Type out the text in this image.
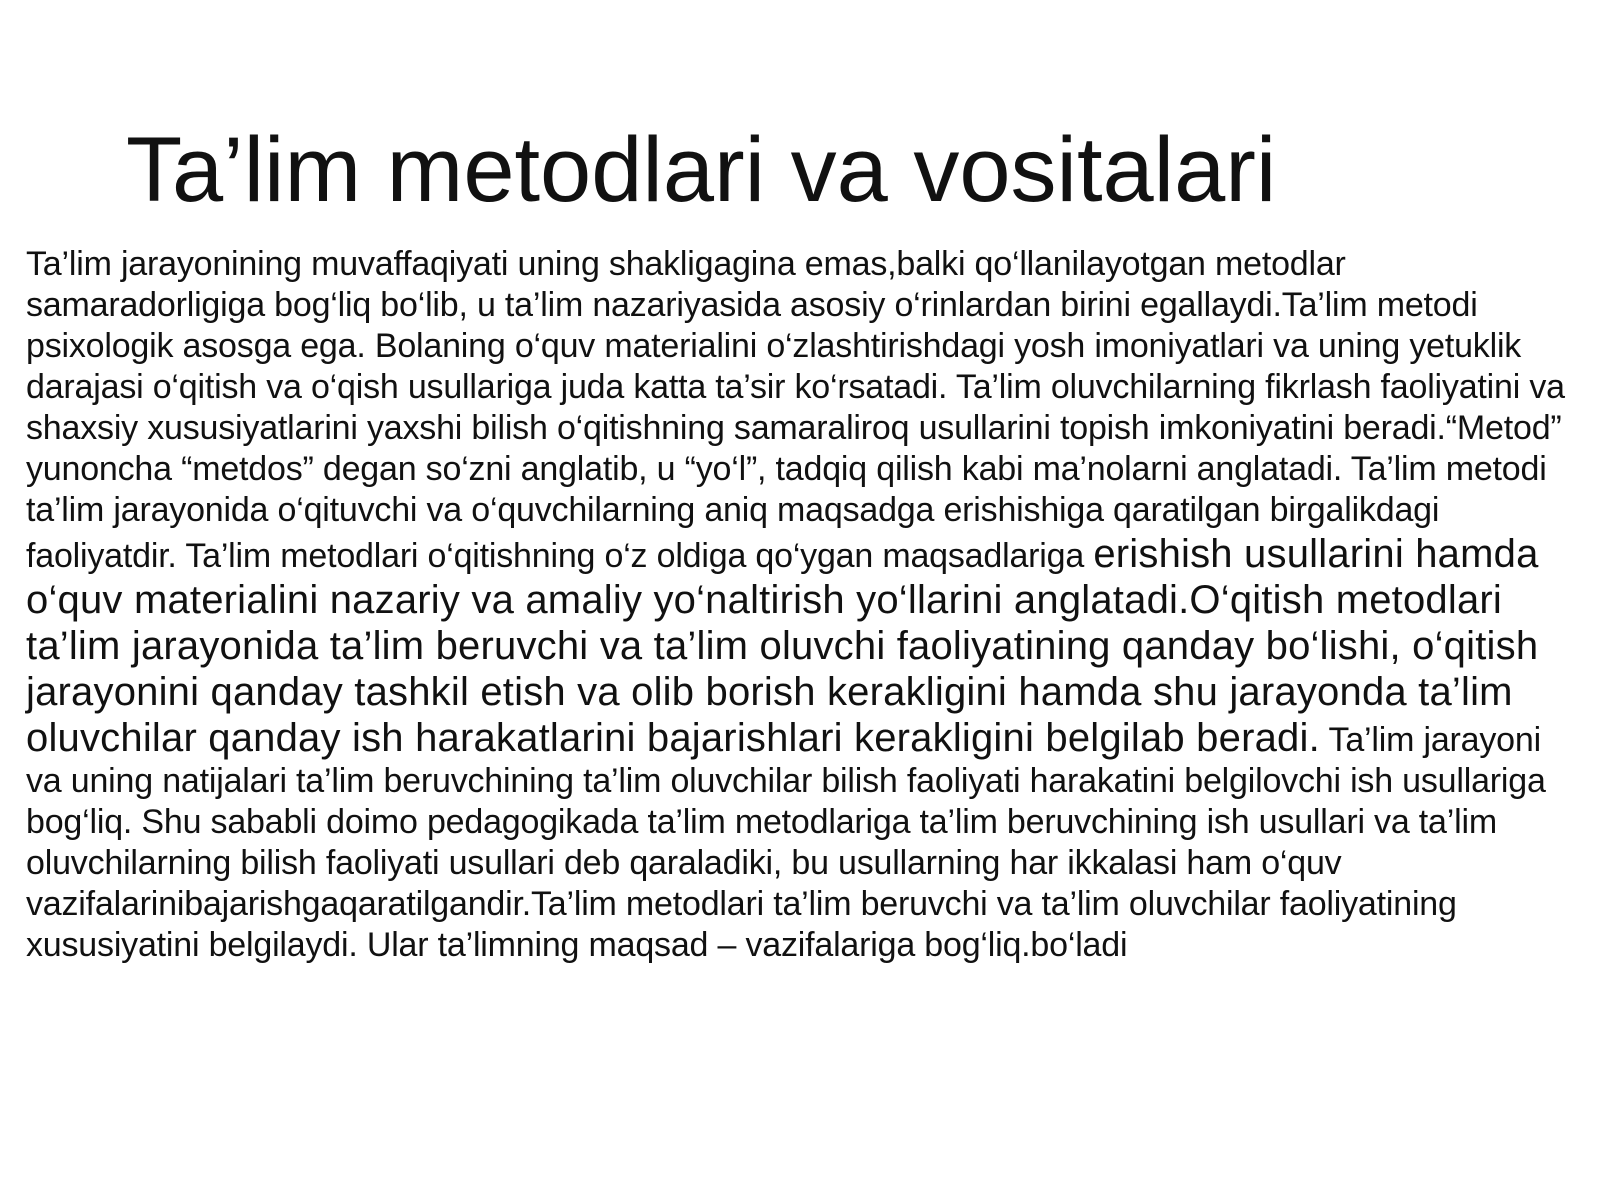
Ta’lim metodlari va vositalari

Ta’lim jarayonining muvaffaqiyati uning shakligagina emas,balki qo‘llanilayotgan metodlar samaradorligiga bog‘liq bo‘lib, u ta’lim nazariyasida asosiy o‘rinlardan birini egallaydi.Ta’lim metodi psixologik asosga ega. Bolaning o‘quv materialini o‘zlashtirishdagi yosh imoniyatlari va uning yetuklik darajasi o‘qitish va o‘qish usullariga juda katta ta’sir ko‘rsatadi. Ta’lim oluvchilarning fikrlash faoliyatini va shaxsiy xususiyatlarini yaxshi bilish o‘qitishning samaraliroq usullarini topish imkoniyatini beradi.“Metod” yunoncha “metdos” degan so‘zni anglatib, u “yo‘l”, tadqiq qilish kabi ma’nolarni anglatadi. Ta’lim metodi ta’lim jarayonida o‘qituvchi va o‘quvchilarning aniq maqsadga erishishiga qaratilgan birgalikdagi faoliyatdir. Ta’lim metodlari o‘qitishning o‘z oldiga qo‘ygan maqsadlariga erishish usullarini hamda o‘quv materialini nazariy va amaliy yo‘naltirish yo‘llarini anglatadi.O‘qitish metodlari ta’lim jarayonida ta’lim beruvchi va ta’lim oluvchi faoliyatining qanday bo‘lishi, o‘qitish jarayonini qanday tashkil etish va olib borish kerakligini hamda shu jarayonda ta’lim oluvchilar qanday ish harakatlarini bajarishlari kerakligini belgilab beradi. Ta’lim jarayoni va uning natijalari ta’lim beruvchining ta’lim oluvchilar bilish faoliyati harakatini belgilovchi ish usullariga bog‘liq. Shu sababli doimo pedagogikada ta’lim metodlariga ta’lim beruvchining ish usullari va ta’lim oluvchilarning bilish faoliyati usullari deb qaraladiki, bu usullarning har ikkalasi ham o‘quv vazifalarinibajarishgaqaratilgandir.Ta’lim metodlari ta’lim beruvchi va ta’lim oluvchilar faoliyatining xususiyatini belgilaydi. Ular ta’limning maqsad – vazifalariga bog‘liq.bo‘ladi
